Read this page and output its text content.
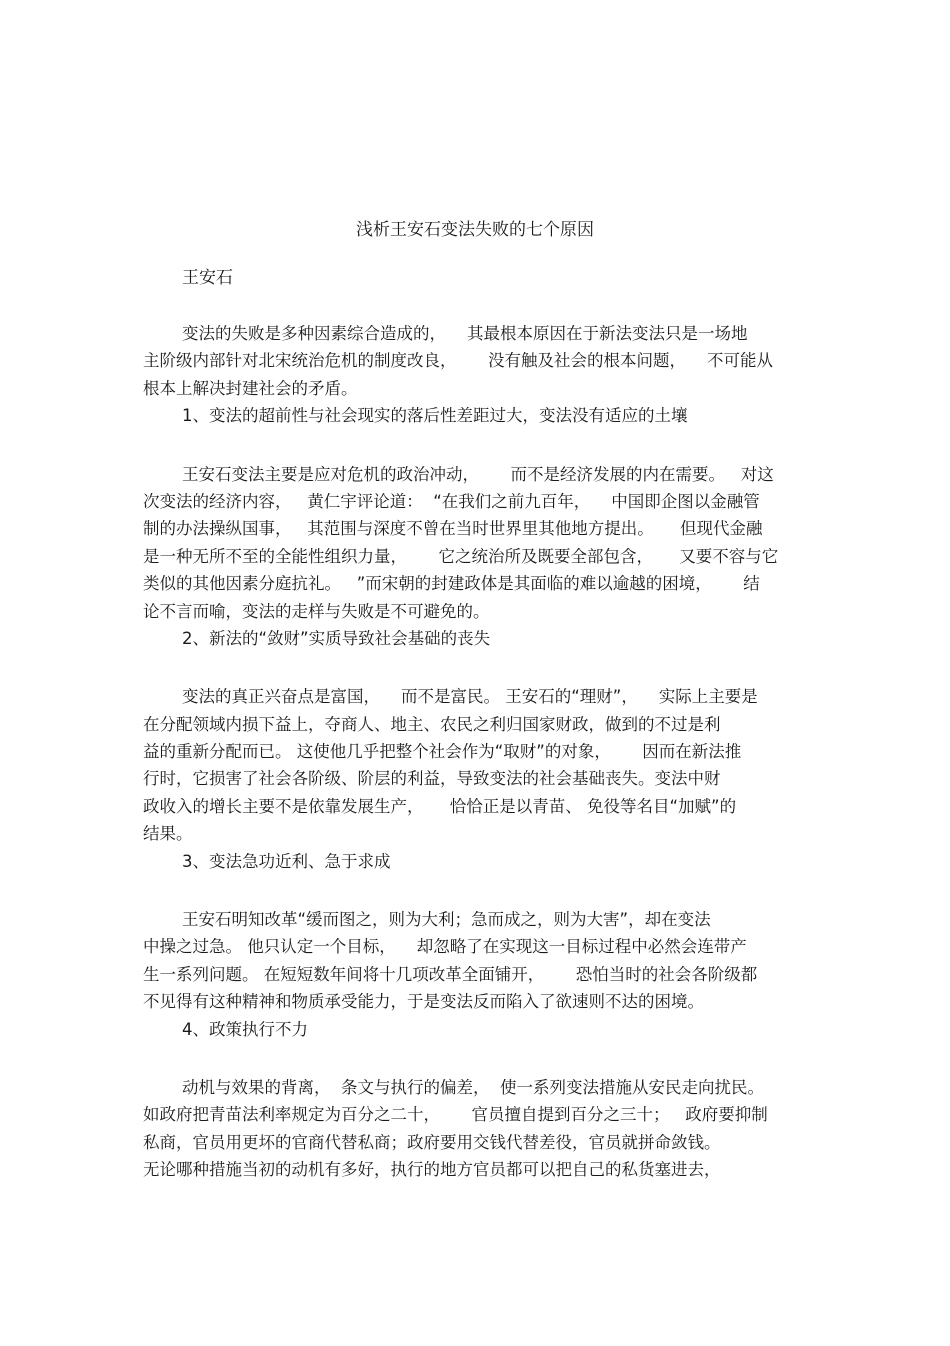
浅析王安石变法失败的七个原因
王安石
变法的失败是多种因素综合造成的，    其最根本原因在于新法变法只是一场地
主阶级内部针对北宋统治危机的制度改良，      没有触及社会的根本问题，    不可能从
根本上解决封建社会的矛盾。
1、变法的超前性与社会现实的落后性差距过大，变法没有适应的土壤
王安石变法主要是应对危机的政治冲动，      而不是经济发展的内在需要。   对这
次变法的经济内容，   黄仁宇评论道：  “在我们之前九百年，    中国即企图以金融管
制的办法操纵国事，   其范围与深度不曾在当时世界里其他地方提出。     但现代金融
是一种无所不至的全能性组织力量，      它之统治所及既要全部包含，     又要不容与它
类似的其他因素分庭抗礼。   ”而宋朝的封建政体是其面临的难以逾越的困境，      结
论不言而喻，变法的走样与失败是不可避免的。
2、新法的“敛财”实质导致社会基础的丧失
变法的真正兴奋点是富国，    而不是富民。 王安石的“理财”，    实际上主要是
在分配领域内损下益上，夺商人、地主、农民之利归国家财政，做到的不过是利
益的重新分配而已。 这使他几乎把整个社会作为“取财”的对象，      因而在新法推
行时，它损害了社会各阶级、阶层的利益，导致变法的社会基础丧失。变法中财
政收入的增长主要不是依靠发展生产，     恰恰正是以青苗、 免役等名目“加赋”的
结果。
3、变法急功近利、急于求成
王安石明知改革“缓而图之，则为大利；急而成之，则为大害”，却在变法
中操之过急。 他只认定一个目标，    却忽略了在实现这一目标过程中必然会连带产
生一系列问题。 在短短数年间将十几项改革全面铺开，      恐怕当时的社会各阶级都
不见得有这种精神和物质承受能力，于是变法反而陷入了欲速则不达的困境。
4、政策执行不力
动机与效果的背离，  条文与执行的偏差，  使一系列变法措施从安民走向扰民。
如政府把青苗法利率规定为百分之二十，      官员擅自提到百分之三十；   政府要抑制
私商，官员用更坏的官商代替私商；政府要用交钱代替差役，官员就拼命敛钱。
无论哪种措施当初的动机有多好，执行的地方官员都可以把自己的私货塞进去，
